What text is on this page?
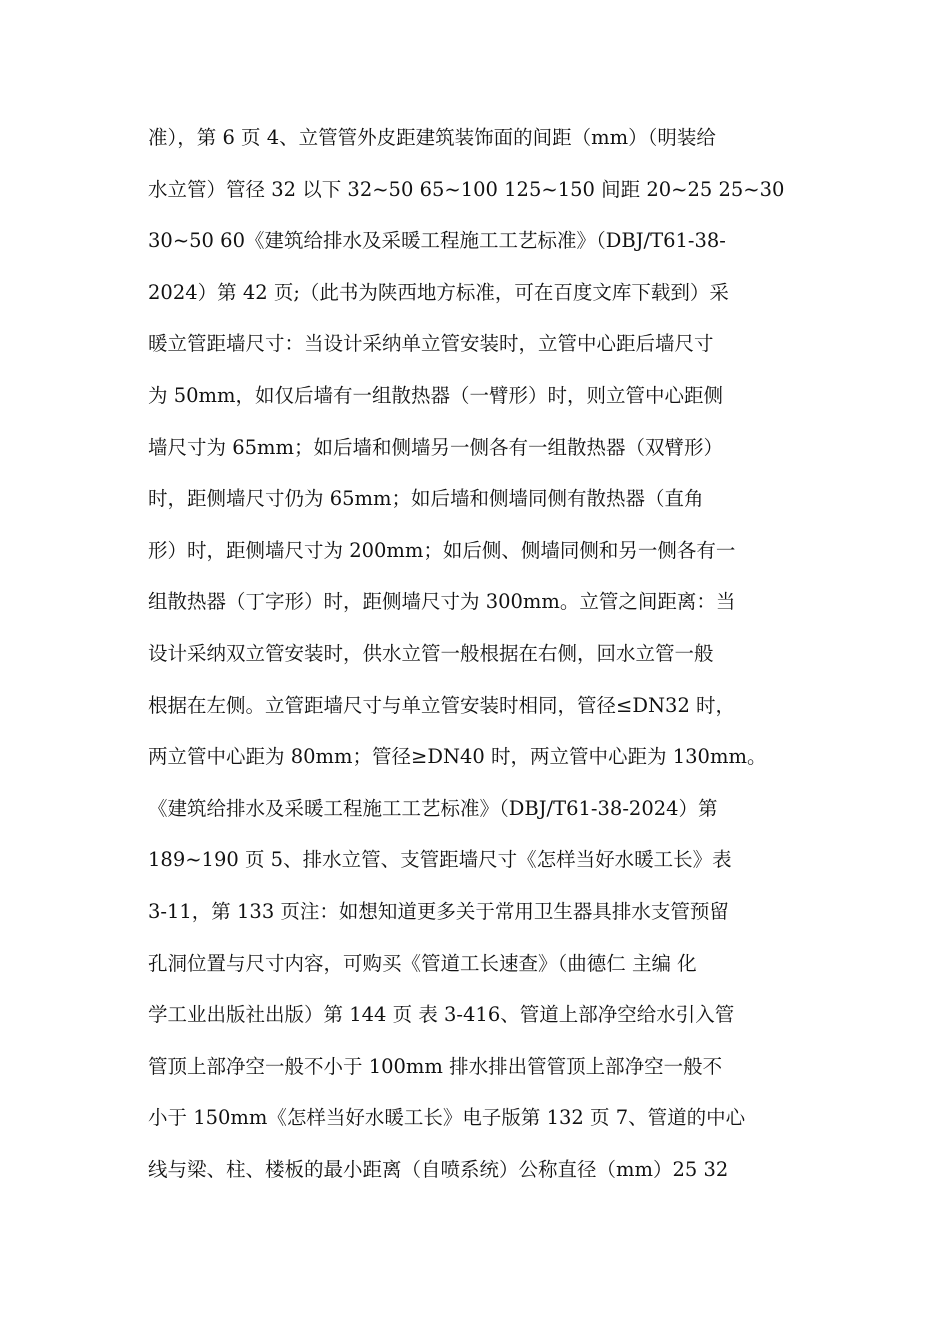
准），第 6 页 4、立管管外皮距建筑装饰面的间距（mm）（明装给
水立管）管径 32 以下 32~50 65~100 125~150 间距 20~25 25~30
30~50 60《建筑给排水及采暖工程施工工艺标准》（DBJ/T61-38-
2024）第 42 页;（此书为陕西地方标准，可在百度文库下载到）采
暖立管距墙尺寸：当设计采纳单立管安装时，立管中心距后墙尺寸
为 50mm，如仅后墙有一组散热器（一臂形）时，则立管中心距侧
墙尺寸为 65mm；如后墙和侧墙另一侧各有一组散热器（双臂形）
时，距侧墙尺寸仍为 65mm；如后墙和侧墙同侧有散热器（直角
形）时，距侧墙尺寸为 200mm；如后侧、侧墙同侧和另一侧各有一
组散热器（丁字形）时，距侧墙尺寸为 300mm。立管之间距离：当
设计采纳双立管安装时，供水立管一般根据在右侧，回水立管一般
根据在左侧。立管距墙尺寸与单立管安装时相同，管径≤DN32 时，
两立管中心距为 80mm；管径≥DN40 时，两立管中心距为 130mm。
《建筑给排水及采暖工程施工工艺标准》（DBJ/T61-38-2024）第
189~190 页 5、排水立管、支管距墙尺寸《怎样当好水暖工长》表
3-11，第 133 页注：如想知道更多关于常用卫生器具排水支管预留
孔洞位置与尺寸内容，可购买《管道工长速查》（曲德仁 主编 化
学工业出版社出版）第 144 页 表 3-416、管道上部净空给水引入管
管顶上部净空一般不小于 100mm 排水排出管管顶上部净空一般不
小于 150mm《怎样当好水暖工长》电子版第 132 页 7、管道的中心
线与梁、柱、楼板的最小距离（自喷系统）公称直径（mm）25 32
